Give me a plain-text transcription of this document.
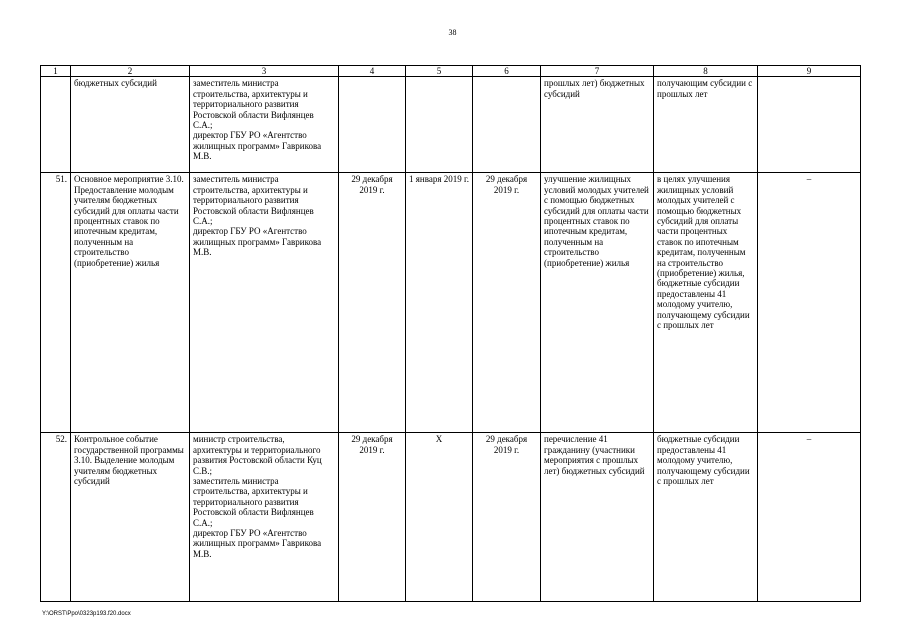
38
1	2	3	4	5	6	7	8	9
	бюджетных субсидий	заместитель министра строительства, архитектуры и территориального развития Ростовской области Вифлянцев С.А.;
директор ГБУ РО «Агентство жилищных программ» Гаврикова М.В.				прошлых лет) бюджетных субсидий	получающим субсидии с прошлых лет	
51.	Основное мероприятие 3.10. Предоставление молодым учителям бюджетных субсидий для оплаты части процентных ставок по ипотечным кредитам, полученным на строительство (приобретение) жилья	заместитель министра строительства, архитектуры и территориального развития Ростовской области Вифлянцев С.А.;
директор ГБУ РО «Агентство жилищных программ» Гаврикова М.В.	29 декабря 2019 г.	1 января 2019 г.	29 декабря 2019 г.	улучшение жилищных условий молодых учителей с помощью бюджетных субсидий для оплаты части процентных ставок по ипотечным кредитам, полученным на строительство (приобретение) жилья	в целях улучшения жилищных условий молодых учителей с помощью бюджетных субсидий для оплаты части процентных ставок по ипотечным кредитам, полученным на строительство (приобретение) жилья, бюджетные субсидии предоставлены 41 молодому учителю, получающему субсидии с прошлых лет	–
52.	Контрольное событие государственной программы 3.10. Выделение молодым учителям бюджетных субсидий	министр строительства, архитектуры и территориального развития Ростовской области Куц С.В.;
заместитель министра строительства, архитектуры и территориального развития Ростовской области Вифлянцев С.А.;
директор ГБУ РО «Агентство жилищных программ» Гаврикова М.В.	29 декабря 2019 г.	Х	29 декабря 2019 г.	перечисление 41 гражданину (участники мероприятия с прошлых лет) бюджетных субсидий	бюджетные субсидии предоставлены 41 молодому учителю, получающему субсидии с прошлых лет	–
Y:\ORST\Ppo\0323p193.f20.docx
